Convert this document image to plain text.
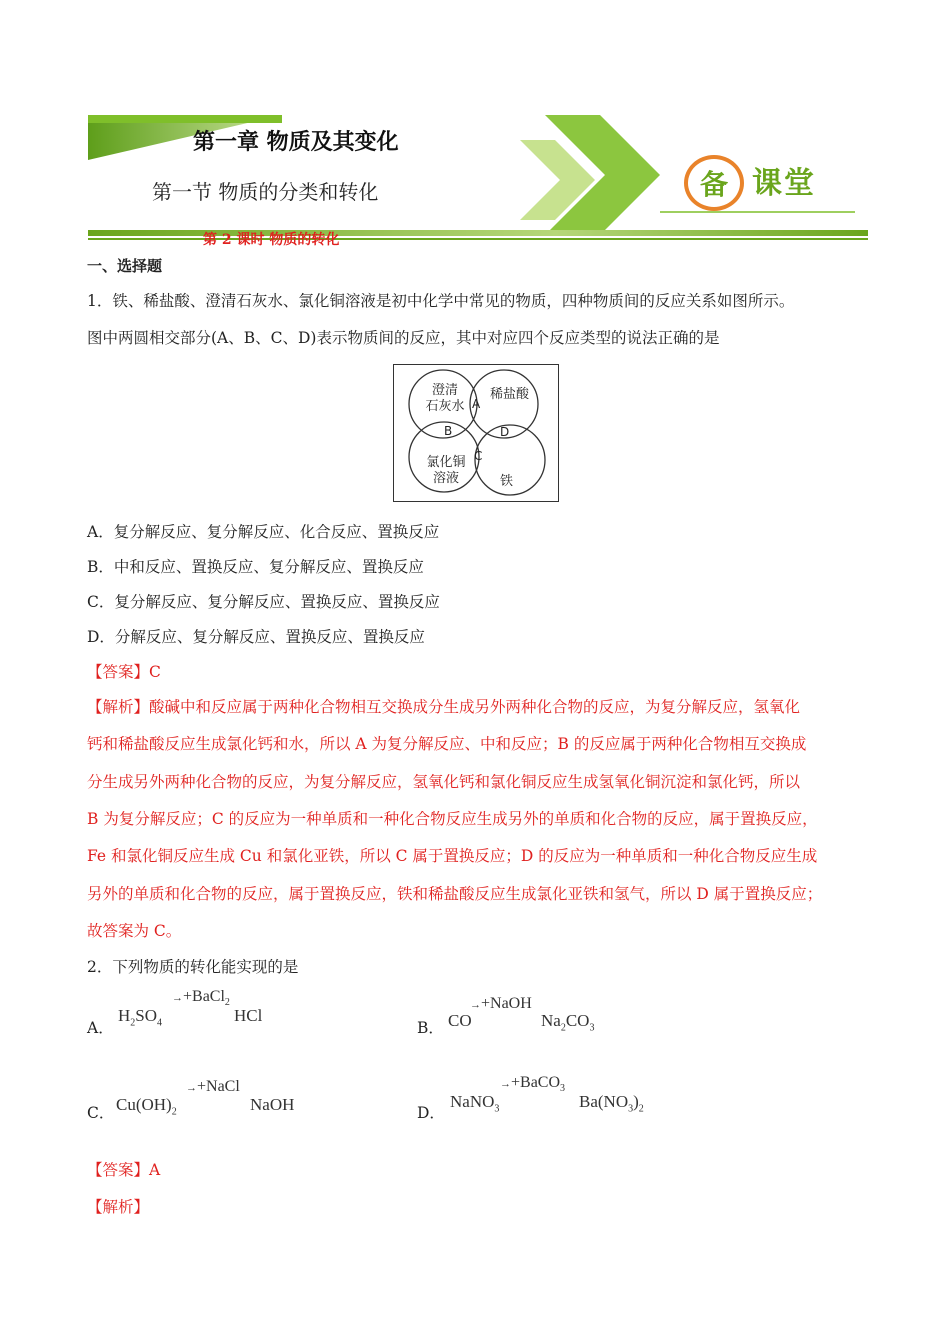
第一章 物质及其变化
第一节 物质的分类和转化
第 2 课时 物质的转化
备 课堂
一、选择题
1．铁、稀盐酸、澄清石灰水、氯化铜溶液是初中化学中常见的物质，四种物质间的反应关系如图所示。
图中两圆相交部分(A、B、C、D)表示物质间的反应，其中对应四个反应类型的说法正确的是
澄清
石灰水
稀盐酸
氯化铜
溶液	铁
A
B
C
D
A．复分解反应、复分解反应、化合反应、置换反应
B．中和反应、置换反应、复分解反应、置换反应
C．复分解反应、复分解反应、置换反应、置换反应
D．分解反应、复分解反应、置换反应、置换反应
【答案】C
【解析】酸碱中和反应属于两种化合物相互交换成分生成另外两种化合物的反应，为复分解反应，氢氧化
钙和稀盐酸反应生成氯化钙和水，所以 A 为复分解反应、中和反应；B 的反应属于两种化合物相互交换成
分生成另外两种化合物的反应，为复分解反应，氢氧化钙和氯化铜反应生成氢氧化铜沉淀和氯化钙，所以
B 为复分解反应；C 的反应为一种单质和一种化合物反应生成另外的单质和化合物的反应，属于置换反应，
Fe 和氯化铜反应生成 Cu 和氯化亚铁，所以 C 属于置换反应；D 的反应为一种单质和一种化合物反应生成
另外的单质和化合物的反应，属于置换反应，铁和稀盐酸反应生成氯化亚铁和氢气，所以 D 属于置换反应；
故答案为 C。
2．下列物质的转化能实现的是
A．
$H_2SO_4$
→+BaCl$_2$
HCl
B． CO
→+NaOH
$Na_2CO_3$
C． $Cu(OH)_2$
→+NaCl
NaOH	D．
NaNO$_3$
→+BaCO$_3$
$Ba(NO_3)_2$
【答案】A
【解析】
